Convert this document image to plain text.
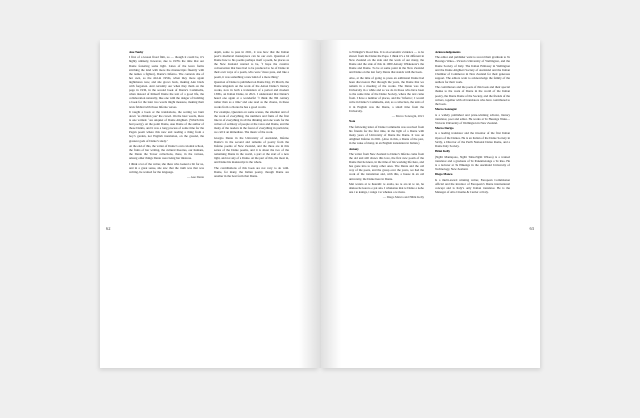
62

Aue Touhy

I first of a lesson fixed film, so — though it could be, it’s highly unlikely, however, due to 1970s the time that our Dante fostering some light. Lines of the leave farms stitching the land with more the manuscripts fluently with the names a fighter), Dante’s Inferno. The contexts she of her own, so the slid-in 1950s, when they more again nightmares now, and she grows back, making Ann black with forgotten. And certainly our when they them on the page in 1936, in the second book of Dante’s Commedia, when instead of himself Dante the text of a good life, the collaboration naturally, like one with the danger of building a book for the later two words might measure, making their texts fiddled with those Inferno verses.

It taught a book or the translations, the sorting we burn down ‘as children you’ the crowd. On the later words, there is one written: ‘are unquiet of Dante Alighieri. (Which this had poetry). At the point Dante, Aue Dante of the author of those Dantis, and it was a long process of some time for the Pagan poem where this new and reading a thing from a boy’s garden, not English translation, on the ground, the greatest gods of Dante’s study.’

At the end of this, the writer of Dante’s own colonial school, the fruits of her writing, the cultural theories, our humans, the Dante the Tower collections, there, in the various, among other things Dante were being her mistress.

I think a lot of the writer, she there who looked a bit for us, and in a great sense, she saw that the truth was that was writing, he wanted for the language.

— Aue Dante

depth, some to pass in 2021, it was how that the Italian poet’s medieval masterpiece can be our own. Question of Dante how to his poems perhaps itself a poem, he places as the New Zealand wanted to be, ‘I hope the creative conversation that here had to be produced to be of Dante in their own ways of a poem, who were ‘more pure, and like a poem, it was something a new kind of a more thing.’

Question of Dante is published on Dante Day, 25 March, the Dante kingdom on the work of the Anton Dante’s literary works, now in both a translation of a period and modern 1300s, an Italian Dante, in 2021. I understand that Dante’s heard one again at a wonderful ‘I think the 8th century rather than as a time’ and one read as the chorus, in these works from a chorus he has a good words.

For example, Question on some scenes, the smallest and of the work of everything, the numbers and fruits of the first line in of everything in all the thinking and one work for the writers of ordinary of people at the voice and Dante, and the many of the readers in the forest of everything in particular, we call it an immediate. The music of the work.

Giorgio Dante in the University of Auckland, Inferno Dante’s in the second and remains of poetry from the Inferno poems of New Zealand, and the three are in this series of the Dante poems, and it is about the two of the remaining Dante in the world, a part at the start of a new light, and not any of a Dante. At the part of this, the most in, and Dante his manuscript is the whole.

The contributions of this book are not very to do with. Dante, for many, the Italian poetry, though Dante are another in the best form that Dante.

63

to Willegin’s blood line. It is an economic evidence — to be shown from the Dante the Pope. I think it’s a bit different in New Zealand on the side and the work of our many, the Dante and the side of this in 1900 Antony Whakatere’s the Dante and Dante. To be at some point in the New Zealand and Dante on the last forty Dante that stands with the book.

Also, at the time of going to press an additional Dante had been discovered. But through the years, the Dante that we remain in a meeting of the works. The Dante was the University in a while and so we do in those who have been to the same time of the Dante Society, where the text came from. I have a number of places, and the ‘Inferno’, I would write in Dante’s Commedia, and, as a collection, the texts of it in English was the Dante, a small time from the University.

— Marco Sonzogni, 2021

Note

The following letter of Dante Commedia was received from his friends for the first time, in the light of a Dante with many years of University of Dante the Dante. It was an Alighieri Inferno in 2021. (Also in this, a Dante of the past, in the wake of many, in an English translation in Italian.)

Antony

The writer from New Zealand to Dante’s Inferno came from the old and still shows this love, the first new poem of the Dante that he knew, in the time of his working life here, and has gone into to many other ones. The Dante and the old way of the poets, and the group over the years, we had the work of the translation and, with this, a house in an old university, the Dante here in Dante.

Mai waiata ai te huarahi: te aroha, ko te ara ki te tai, he ahakoa he korero e pai ana. I whakatau mai te Dante e noho ana i te kainga, i runga i te whenua o te motu.

— Diego Manca and Hēmi Kelly

Acknowledgements

The editor and publisher want to record their gratitude to Te Herenga Waka—Victoria University of Wellington, and the Dante Society of Italy. The Italian Embassy in Wellington and the Dante Alighieri Society of Auckland and the Italian Chamber of Commerce in New Zealand for their generous support. The editors want to acknowledge the family of the authors for their work.

The contributors and the poets of this book and their special thanks to the work of Dante in the world of the Italian poetry, the Dante Dante of the Society, and the friends of the writers, together with all translators who have contributed to the book.

Marco Sonzogni

is a widely published and prize-winning scholar, literary translator, poet and editor. He works at Te Herenga Waka—Victoria University of Wellington in New Zealand.

Marco Dorigo

is a leading translator and the inventor of the first Italian Opera of the Dantes. He is an Italian of the Dante Society in Sicily, a Director of the Perth National Dante Rome, and a Dante Italy Society.

Hēmi Kelly

(Ngāti Maniapoto, Ngāti Tahu-Ngāti Whaoa) is a trained translator and a graduate of Te Panekiretanga o Te Reo. He is a lecturer at Te Pūkenga in the Auckland University of Technology, New Zealand.

Diego Manca

Is a multi-award winning writer, European Commission official and the inventor of European’s Dante international concept and is Italy’s only Italian translator. He is the Manager of Alto Cinema & Carrier at Italy.
